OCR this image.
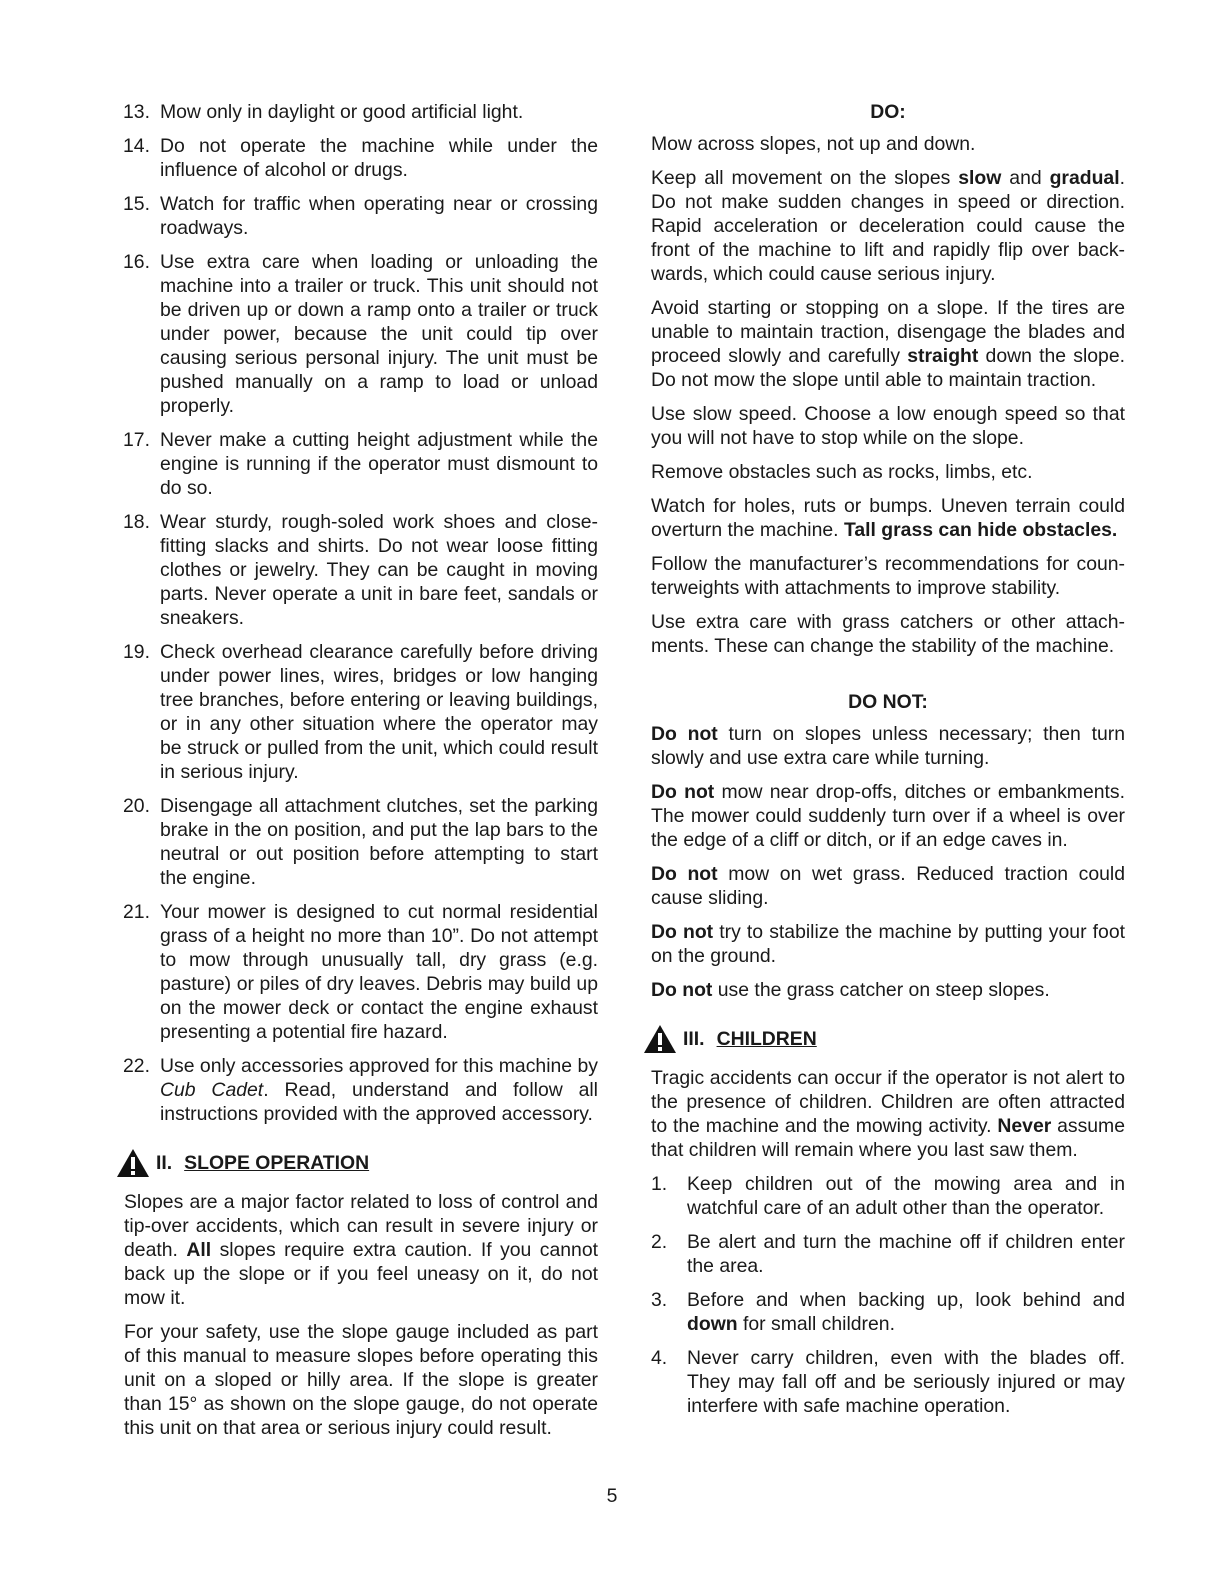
13. Mow only in daylight or good artificial light.
14. Do not operate the machine while under the influence of alcohol or drugs.
15. Watch for traffic when operating near or crossing roadways.
16. Use extra care when loading or unloading the machine into a trailer or truck. This unit should not be driven up or down a ramp onto a trailer or truck under power, because the unit could tip over causing serious personal injury. The unit must be pushed manually on a ramp to load or unload properly.
17. Never make a cutting height adjustment while the engine is running if the operator must dismount to do so.
18. Wear sturdy, rough-soled work shoes and close-fitting slacks and shirts. Do not wear loose fitting clothes or jewelry. They can be caught in moving parts. Never operate a unit in bare feet, sandals or sneakers.
19. Check overhead clearance carefully before driving under power lines, wires, bridges or low hanging tree branches, before entering or leaving buildings, or in any other situation where the operator may be struck or pulled from the unit, which could result in serious injury.
20. Disengage all attachment clutches, set the parking brake in the on position, and put the lap bars to the neutral or out position before attempting to start the engine.
21. Your mower is designed to cut normal residential grass of a height no more than 10”. Do not attempt to mow through unusually tall, dry grass (e.g. pasture) or piles of dry leaves. Debris may build up on the mower deck or contact the engine exhaust presenting a potential fire hazard.
22. Use only accessories approved for this machine by Cub Cadet. Read, understand and follow all instructions provided with the approved accessory.
II. SLOPE OPERATION

Slopes are a major factor related to loss of control and tip-over accidents, which can result in severe injury or death. All slopes require extra caution. If you cannot back up the slope or if you feel uneasy on it, do not mow it.

For your safety, use the slope gauge included as part of this manual to measure slopes before operating this unit on a sloped or hilly area. If the slope is greater than 15° as shown on the slope gauge, do not operate this unit on that area or serious injury could result.

DO:

Mow across slopes, not up and down.

Keep all movement on the slopes slow and gradual. Do not make sudden changes in speed or direction. Rapid acceleration or deceleration could cause the front of the machine to lift and rapidly flip over back-wards, which could cause serious injury.

Avoid starting or stopping on a slope. If the tires are unable to maintain traction, disengage the blades and proceed slowly and carefully straight down the slope. Do not mow the slope until able to maintain traction.

Use slow speed. Choose a low enough speed so that you will not have to stop while on the slope.

Remove obstacles such as rocks, limbs, etc.

Watch for holes, ruts or bumps. Uneven terrain could overturn the machine. Tall grass can hide obstacles.

Follow the manufacturer’s recommendations for coun-terweights with attachments to improve stability.

Use extra care with grass catchers or other attach-ments. These can change the stability of the machine.

DO NOT:

Do not turn on slopes unless necessary; then turn slowly and use extra care while turning.

Do not mow near drop-offs, ditches or embankments. The mower could suddenly turn over if a wheel is over the edge of a cliff or ditch, or if an edge caves in.

Do not mow on wet grass. Reduced traction could cause sliding.

Do not try to stabilize the machine by putting your foot on the ground.

Do not use the grass catcher on steep slopes.

III. CHILDREN

Tragic accidents can occur if the operator is not alert to the presence of children. Children are often attracted to the machine and the mowing activity. Never assume that children will remain where you last saw them.

1. Keep children out of the mowing area and in watchful care of an adult other than the operator.
2. Be alert and turn the machine off if children enter the area.
3. Before and when backing up, look behind and down for small children.
4. Never carry children, even with the blades off. They may fall off and be seriously injured or may interfere with safe machine operation.
5
